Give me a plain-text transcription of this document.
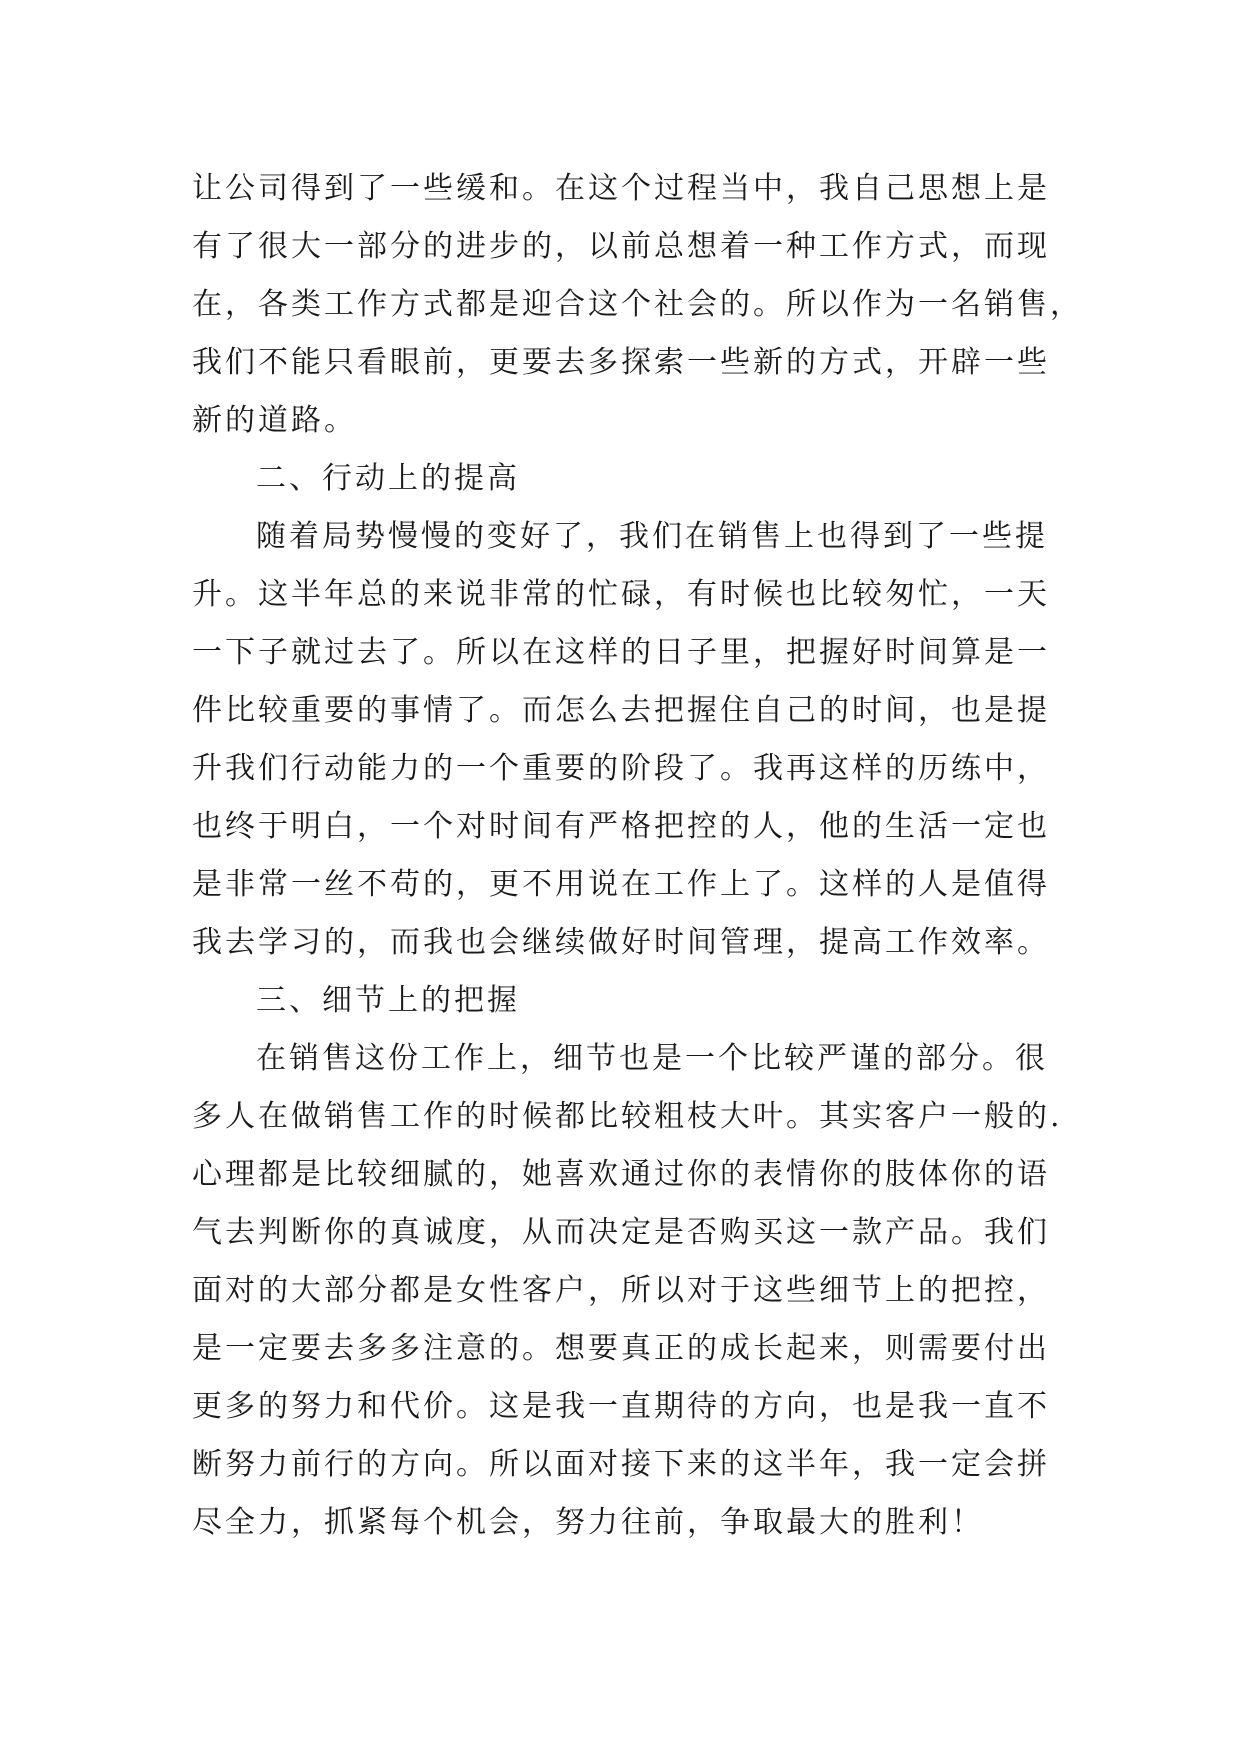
让公司得到了一些缓和。在这个过程当中，我自己思想上是
有了很大一部分的进步的，以前总想着一种工作方式，而现
在，各类工作方式都是迎合这个社会的。所以作为一名销售，
我们不能只看眼前，更要去多探索一些新的方式，开辟一些
新的道路。
二、行动上的提高
随着局势慢慢的变好了，我们在销售上也得到了一些提
升。这半年总的来说非常的忙碌，有时候也比较匆忙，一天
一下子就过去了。所以在这样的日子里，把握好时间算是一
件比较重要的事情了。而怎么去把握住自己的时间，也是提
升我们行动能力的一个重要的阶段了。我再这样的历练中，
也终于明白，一个对时间有严格把控的人，他的生活一定也
是非常一丝不苟的，更不用说在工作上了。这样的人是值得
我去学习的，而我也会继续做好时间管理，提高工作效率。
三、细节上的把握
在销售这份工作上，细节也是一个比较严谨的部分。很
多人在做销售工作的时候都比较粗枝大叶。其实客户一般的.
心理都是比较细腻的，她喜欢通过你的表情你的肢体你的语
气去判断你的真诚度，从而决定是否购买这一款产品。我们
面对的大部分都是女性客户，所以对于这些细节上的把控，
是一定要去多多注意的。想要真正的成长起来，则需要付出
更多的努力和代价。这是我一直期待的方向，也是我一直不
断努力前行的方向。所以面对接下来的这半年，我一定会拼
尽全力，抓紧每个机会，努力往前，争取最大的胜利！
